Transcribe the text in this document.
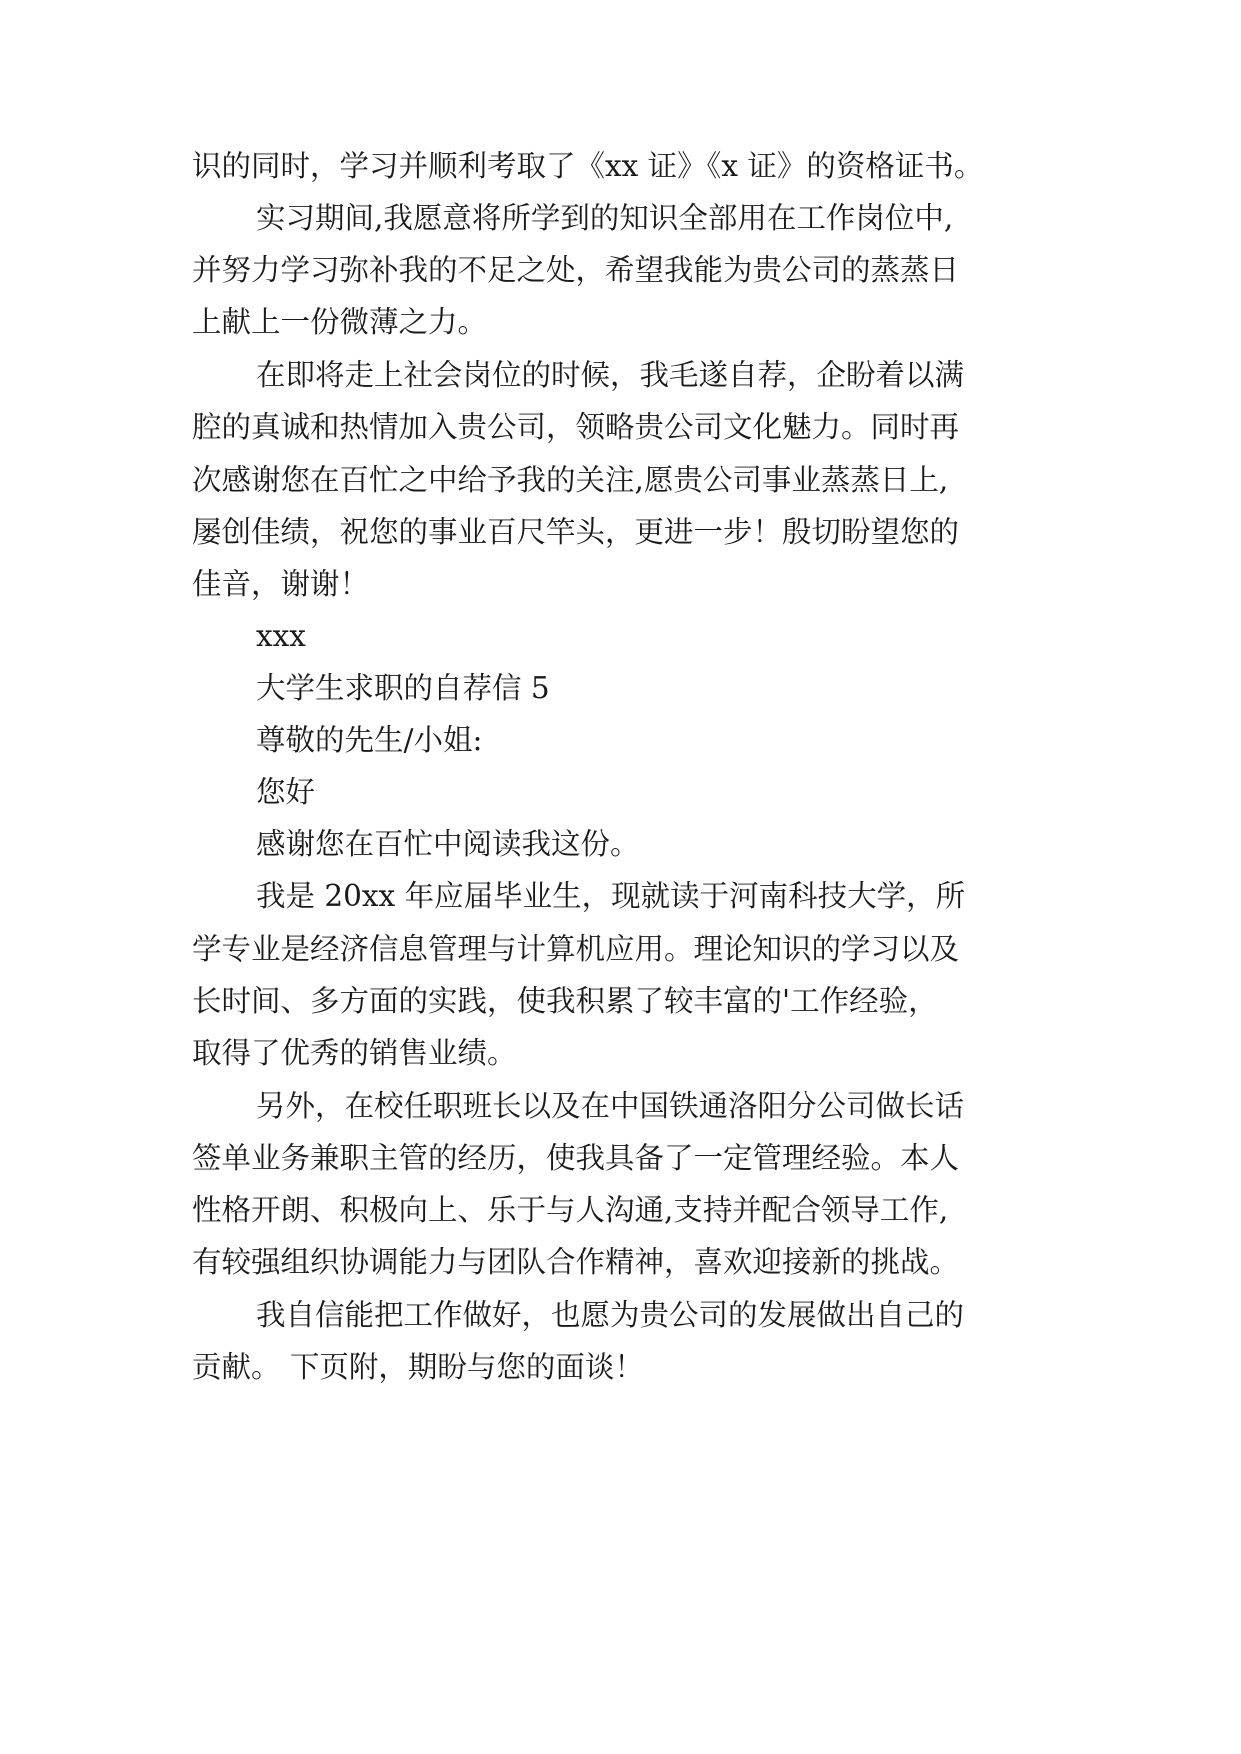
识的同时，学习并顺利考取了《xx 证》《x 证》的资格证书。
实习期间,我愿意将所学到的知识全部用在工作岗位中,
并努力学习弥补我的不足之处，希望我能为贵公司的蒸蒸日
上献上一份微薄之力。
在即将走上社会岗位的时候，我毛遂自荐，企盼着以满
腔的真诚和热情加入贵公司，领略贵公司文化魅力。同时再
次感谢您在百忙之中给予我的关注,愿贵公司事业蒸蒸日上,
屡创佳绩，祝您的事业百尺竿头，更进一步！殷切盼望您的
佳音，谢谢！
xxx
大学生求职的自荐信 5
尊敬的先生/小姐:
您好
感谢您在百忙中阅读我这份。
我是 20xx 年应届毕业生，现就读于河南科技大学，所
学专业是经济信息管理与计算机应用。理论知识的学习以及
长时间、多方面的实践，使我积累了较丰富的'工作经验，
取得了优秀的销售业绩。
另外，在校任职班长以及在中国铁通洛阳分公司做长话
签单业务兼职主管的经历，使我具备了一定管理经验。本人
性格开朗、积极向上、乐于与人沟通,支持并配合领导工作,
有较强组织协调能力与团队合作精神，喜欢迎接新的挑战。
我自信能把工作做好，也愿为贵公司的发展做出自己的
贡献。 下页附，期盼与您的面谈！
